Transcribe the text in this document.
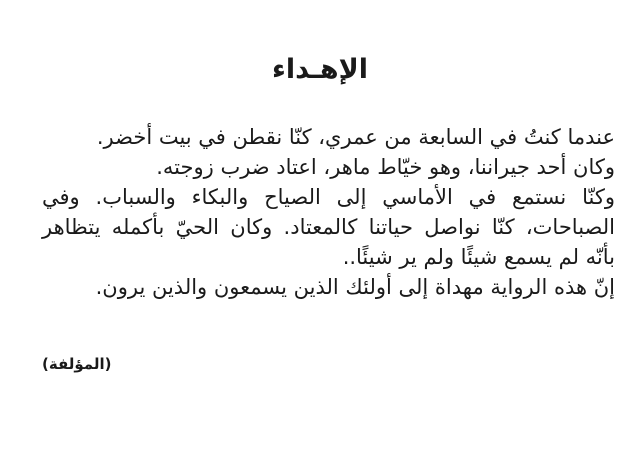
الإهـداء
عندما كنتُ في السابعة من عمري، كنّا نقطن في بيت أخضر.
وكان أحد جيراننا، وهو خيّاط ماهر، اعتاد ضرب زوجته.
وكنّا نستمع في الأماسي إلى الصياح والبكاء والسباب. وفي
الصباحات، كنّا نواصل حياتنا كالمعتاد. وكان الحيّ بأكمله يتظاهر
بأنّه لم يسمع شيئًا ولم ير شيئًا..
إنّ هذه الرواية مهداة إلى أولئك الذين يسمعون والذين يرون.
(المؤلفة)
